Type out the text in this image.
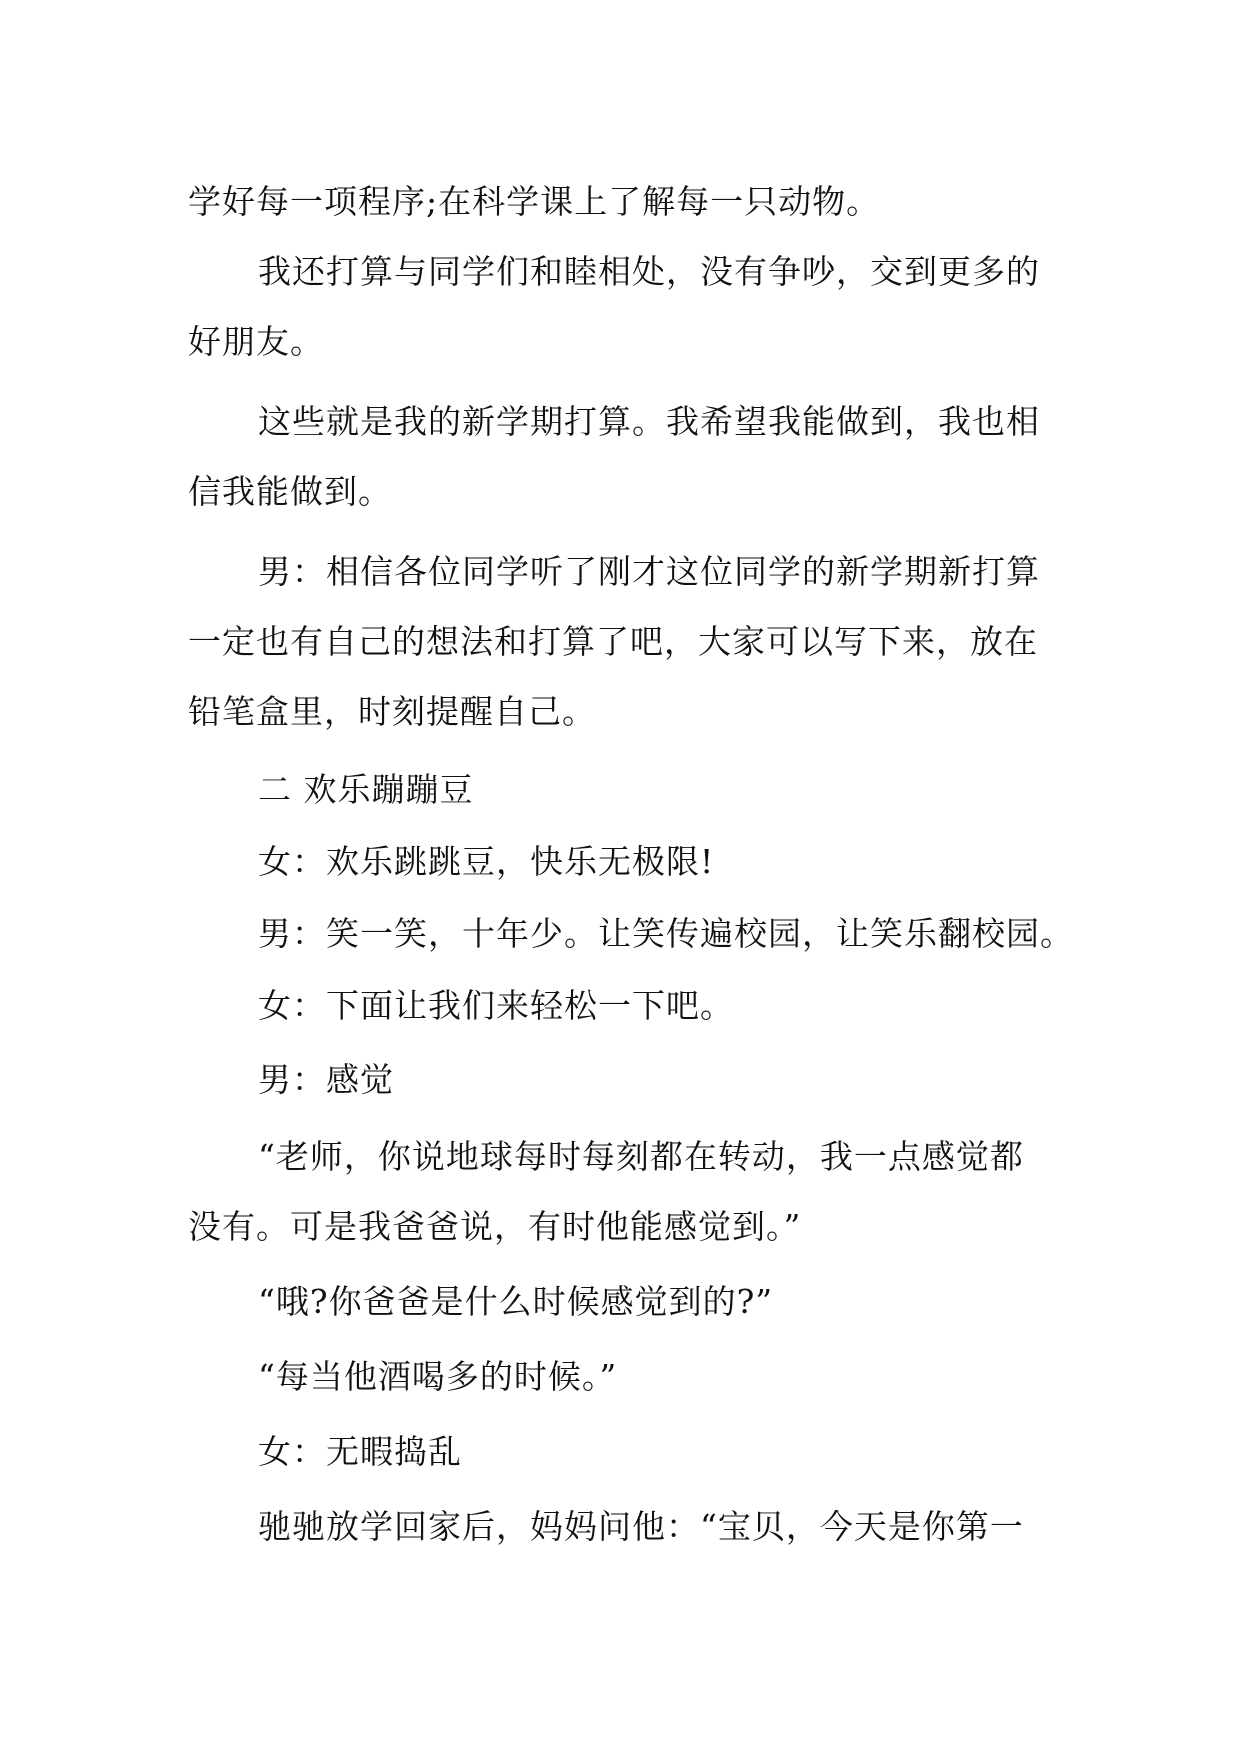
学好每一项程序;在科学课上了解每一只动物。
我还打算与同学们和睦相处，没有争吵，交到更多的
好朋友。
这些就是我的新学期打算。我希望我能做到，我也相
信我能做到。
男：相信各位同学听了刚才这位同学的新学期新打算
一定也有自己的想法和打算了吧，大家可以写下来，放在
铅笔盒里，时刻提醒自己。
二 欢乐蹦蹦豆
女：欢乐跳跳豆，快乐无极限!
男：笑一笑，十年少。让笑传遍校园，让笑乐翻校园。
女：下面让我们来轻松一下吧。
男：感觉
“老师，你说地球每时每刻都在转动，我一点感觉都
没有。可是我爸爸说，有时他能感觉到。”
“哦?你爸爸是什么时候感觉到的?”
“每当他酒喝多的时候。”
女：无暇捣乱
驰驰放学回家后，妈妈问他：“宝贝，今天是你第一
